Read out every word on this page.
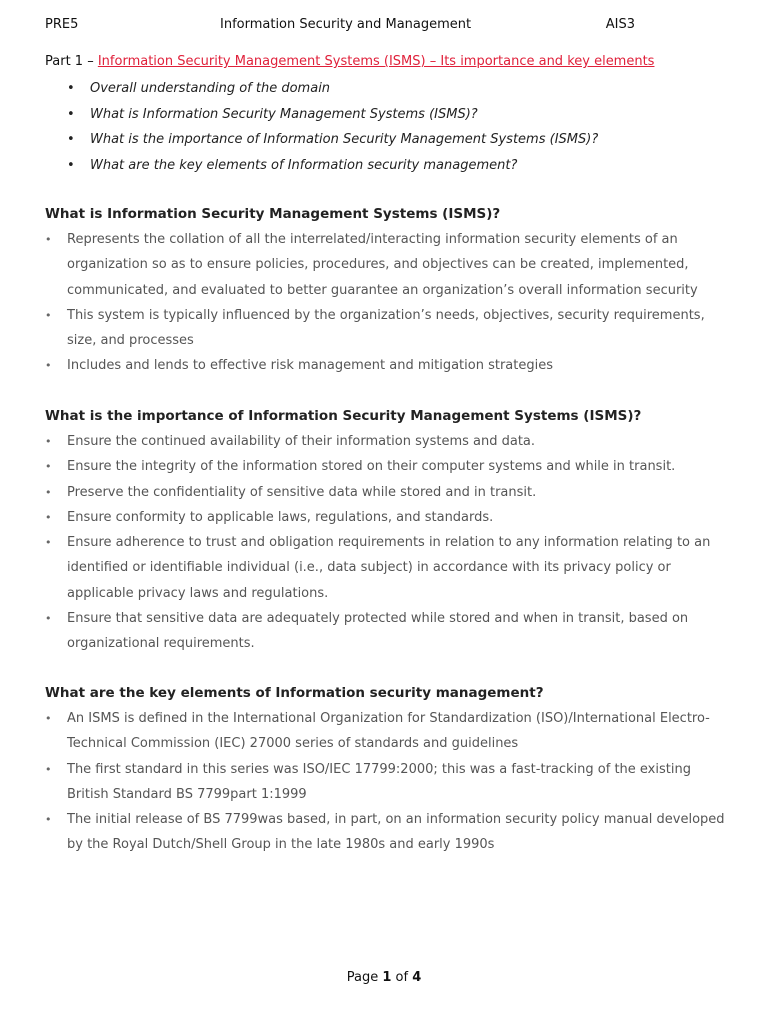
PRE5	Information Security and Management	AIS3
Part 1 – Information Security Management Systems (ISMS) – Its importance and key elements
• Overall understanding of the domain
• What is Information Security Management Systems (ISMS)?
• What is the importance of Information Security Management Systems (ISMS)?
• What are the key elements of Information security management?
What is Information Security Management Systems (ISMS)?
• Represents the collation of all the interrelated/interacting information security elements of an organization so as to ensure policies, procedures, and objectives can be created, implemented, communicated, and evaluated to better guarantee an organization’s overall information security
• This system is typically influenced by the organization’s needs, objectives, security requirements, size, and processes
• Includes and lends to effective risk management and mitigation strategies
What is the importance of Information Security Management Systems (ISMS)?
• Ensure the continued availability of their information systems and data.
• Ensure the integrity of the information stored on their computer systems and while in transit.
• Preserve the confidentiality of sensitive data while stored and in transit.
• Ensure conformity to applicable laws, regulations, and standards.
• Ensure adherence to trust and obligation requirements in relation to any information relating to an identified or identifiable individual (i.e., data subject) in accordance with its privacy policy or applicable privacy laws and regulations.
• Ensure that sensitive data are adequately protected while stored and when in transit, based on organizational requirements.
What are the key elements of Information security management?
• An ISMS is defined in the International Organization for Standardization (ISO)/International Electro-Technical Commission (IEC) 27000 series of standards and guidelines
• The first standard in this series was ISO/IEC 17799:2000; this was a fast-tracking of the existing British Standard BS 7799part 1:1999
• The initial release of BS 7799was based, in part, on an information security policy manual developed by the Royal Dutch/Shell Group in the late 1980s and early 1990s
Page 1 of 4
